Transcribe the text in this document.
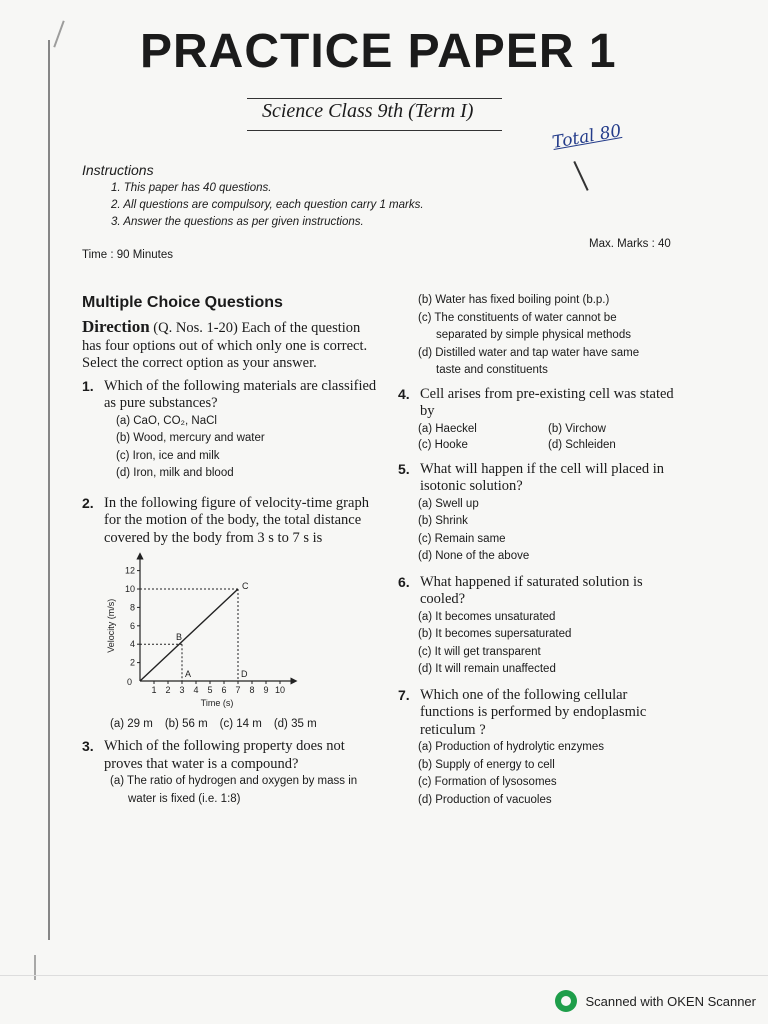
PRACTICE PAPER 1
Science Class 9th (Term I)
Total 80
Instructions
1. This paper has 40 questions.
2. All questions are compulsory, each question carry 1 marks.
3. Answer the questions as per given instructions.
Time : 90 Minutes
Max. Marks : 40
Multiple Choice Questions
Direction (Q. Nos. 1-20) Each of the question has four options out of which only one is correct. Select the correct option as your answer.
1. Which of the following materials are classified as pure substances?
(a) CaO, CO₂, NaCl
(b) Wood, mercury and water
(c) Iron, ice and milk
(d) Iron, milk and blood
2. In the following figure of velocity-time graph for the motion of the body, the total distance covered by the body from 3 s to 7 s is
2
4
6
8
10
12
1 2 3 4 5 6 7 8 9 10
0
Time (s)
Velocity (m/s)
A
B
C
D
(a) 29 m (b) 56 m (c) 14 m (d) 35 m
3. Which of the following property does not proves that water is a compound?
(a) The ratio of hydrogen and oxygen by mass in
water is fixed (i.e. 1:8)
(b) Water has fixed boiling point (b.p.)
(c) The constituents of water cannot be
separated by simple physical methods
(d) Distilled water and tap water have same
taste and constituents
4. Cell arises from pre-existing cell was stated by
(a) Haeckel	(b) Virchow
(c) Hooke	(d) Schleiden
5. What will happen if the cell will placed in isotonic solution?
(a) Swell up
(b) Shrink
(c) Remain same
(d) None of the above
6. What happened if saturated solution is cooled?
(a) It becomes unsaturated
(b) It becomes supersaturated
(c) It will get transparent
(d) It will remain unaffected
7. Which one of the following cellular functions is performed by endoplasmic reticulum ?
(a) Production of hydrolytic enzymes
(b) Supply of energy to cell
(c) Formation of lysosomes
(d) Production of vacuoles
Scanned with OKEN Scanner
